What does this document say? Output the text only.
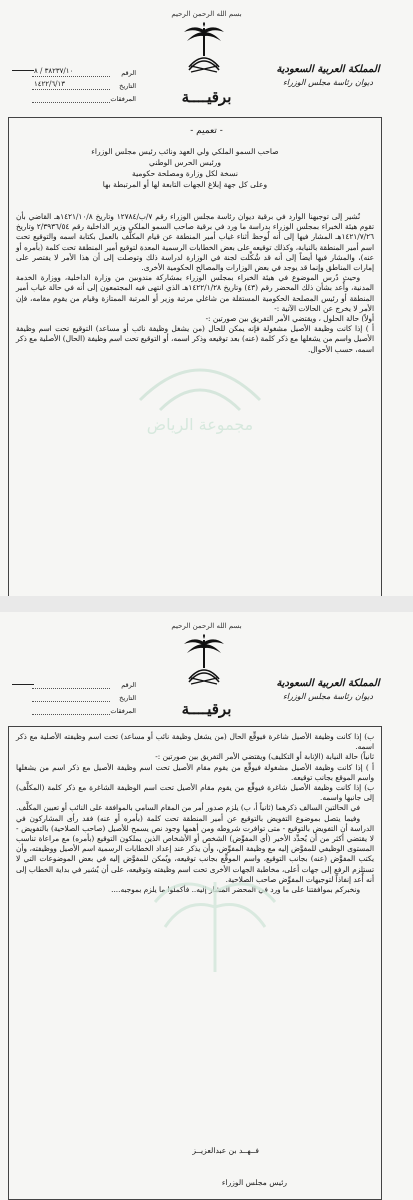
بسم الله الرحمن الرحيم
برقيــــة
المملكة العربية السعودية
ديوان رئاسة مجلس الوزراء
٣٨٢٣٧/١٠ / ٨	الرقم
١٤٢٢/٦/١٣	التاريخ
المرفقات
- تعميم -
صاحب السمو الملكي ولي العهد ونائب رئيس مجلس الوزراء
ورئيس الحرس الوطني
نسخة لكل وزارة ومصلحة حكومية
وعلى كل جهة إبلاغ الجهات التابعة لها أو المرتبطة بها

نُشير إلى توجيهنا الوارد في برقية ديوان رئاسة مجلس الوزراء رقم ٧/ب/١٢٧٨٤ وتاريخ ١٤٢١/١٠/٨هـ القاضي بأن تقوم هيئة الخبراء بمجلس الوزراء بدراسة ما ورد في برقية صاحب السمو الملكي وزير الداخلية رقم ٢/٣٩٣٦/٥٤ وتاريخ ١٤٢١/٧/٢٦هـ المشار فيها إلى أنه لُوحظ أثناء غياب أمير المنطقة عن قيام المكلَّف بالعمل بكتابة اسمه والتوقيع تحت اسم أمير المنطقة بالنيابة، وكذلك توقيعه على بعض الخطابات الرسمية المعدة لتوقيع أمير المنطقة تحت كلمة (بأمره أو عنه)، والمشار فيها أيضاً إلى أنه قد شُكِّلت لجنة في الوزارة لدراسة ذلك وتوصلت إلى أن هذا الأمر لا يقتصر على إمارات المناطق وإنما قد يوجد في بعض الوزارات والمصالح الحكومية الأخرى.

وحيث دُرس الموضوع في هيئة الخبراء بمجلس الوزراء بمشاركة مندوبين من وزارة الداخلية، ووزارة الخدمة المدنية، وأُعد بشأن ذلك المحضر رقم (٤٣) وتاريخ ١٤٢٢/١/٢٨هـ الذي انتهى فيه المجتمعون إلى أنه في حالة غياب أمير المنطقة أو رئيس المصلحة الحكومية المستقلة من شاغلي مرتبة وزير أو المرتبة الممتازة وقيام من يقوم مقامه، فإن الأمر لا يخرج عن الحالات الآتية :-

أولاً) حالة الحلول ، ويقتضي الأمر التفريق بين صورتين :-

أ ) إذا كانت وظيفة الأصيل مشغولة فإنه يمكن للحال (من يشغل وظيفة نائب أو مساعد) التوقيع تحت اسم وظيفة الأصيل واسم من يشغلها مع ذكر كلمة (عنه) بعد توقيعه وذكر اسمه، أو التوقيع تحت اسم وظيفة (الحال) الأصلية مع ذكر اسمه، حسب الأحوال.

مجموعة الرياض
بسم الله الرحمن الرحيم
برقيــــة
المملكة العربية السعودية
ديوان رئاسة مجلس الوزراء
الرقم
التاريخ
المرفقات

ب) إذا كانت وظيفة الأصيل شاغرة فيوقِّع الحال (من يشغل وظيفة نائب أو مساعد) تحت اسم وظيفته الأصلية مع ذكر اسمه.

ثانياً) حالة النيابة (الإنابة أو التكليف) ويقتضي الأمر التفريق بين صورتين :-

أ ) إذا كانت وظيفة الأصيل مشغولة فيوقِّع من يقوم مقام الأصيل تحت اسم وظيفة الأصيل مع ذكر اسم من يشغلها واسم الموقع بجانب توقيعه.

ب) إذا كانت وظيفة الأصيل شاغرة فيوقِّع من يقوم مقام الأصيل تحت اسم الوظيفة الشاغرة مع ذكر كلمة (المكلَّف) إلى جانبها واسمه.

في الحالتين السالف ذكرهما (ثانياً أ، ب) يلزم صدور أمر من المقام السامي بالموافقة على النائب أو تعيين المكلَّف.

وفيما يتصل بموضوع التفويض بالتوقيع عن أمير المنطقة تحت كلمة (بأمره أو عنه) فقد رأى المشاركون في الدراسة أن التفويض بالتوقيع - متى توافرت شروطه ومن أهمها وجود نص يسمح للأصيل (صاحب الصلاحية) بالتفويض - لا يقتضي أكثر من أن يُحدِّد الأخير (أي المفوِّض) الشخص أو الأشخاص الذين يملكون التوقيع (بأمره) مع مراعاة تناسب المستوى الوظيفي للمفوَّض إليه مع وظيفة المفوِّض، وأن يذكر عند إعداد الخطابات الرسمية اسم الأصيل ووظيفته، وأن يكتب المفوَّض (عنه) بجانب التوقيع، واسم الموقِّع بجانب توقيعه، ويُمكن للمفوَّض إليه في بعض الموضوعات التي لا تستلزم الرفع إلى جهات أعلى، مخاطبة الجهات الأخرى تحت اسم وظيفته وتوقيعه، على أن يُشير في بداية الخطاب إلى أنه أُعد إنفاذاً لتوجيهات المفوِّض صاحب الصلاحية.

ونخبركم بموافقتنا على ما ورد في المحضر المشار إليه.. فأكملوا ما يلزم بموجبه....

فــهــد بن عبدالعزيــز
رئيس مجلس الوزراء
